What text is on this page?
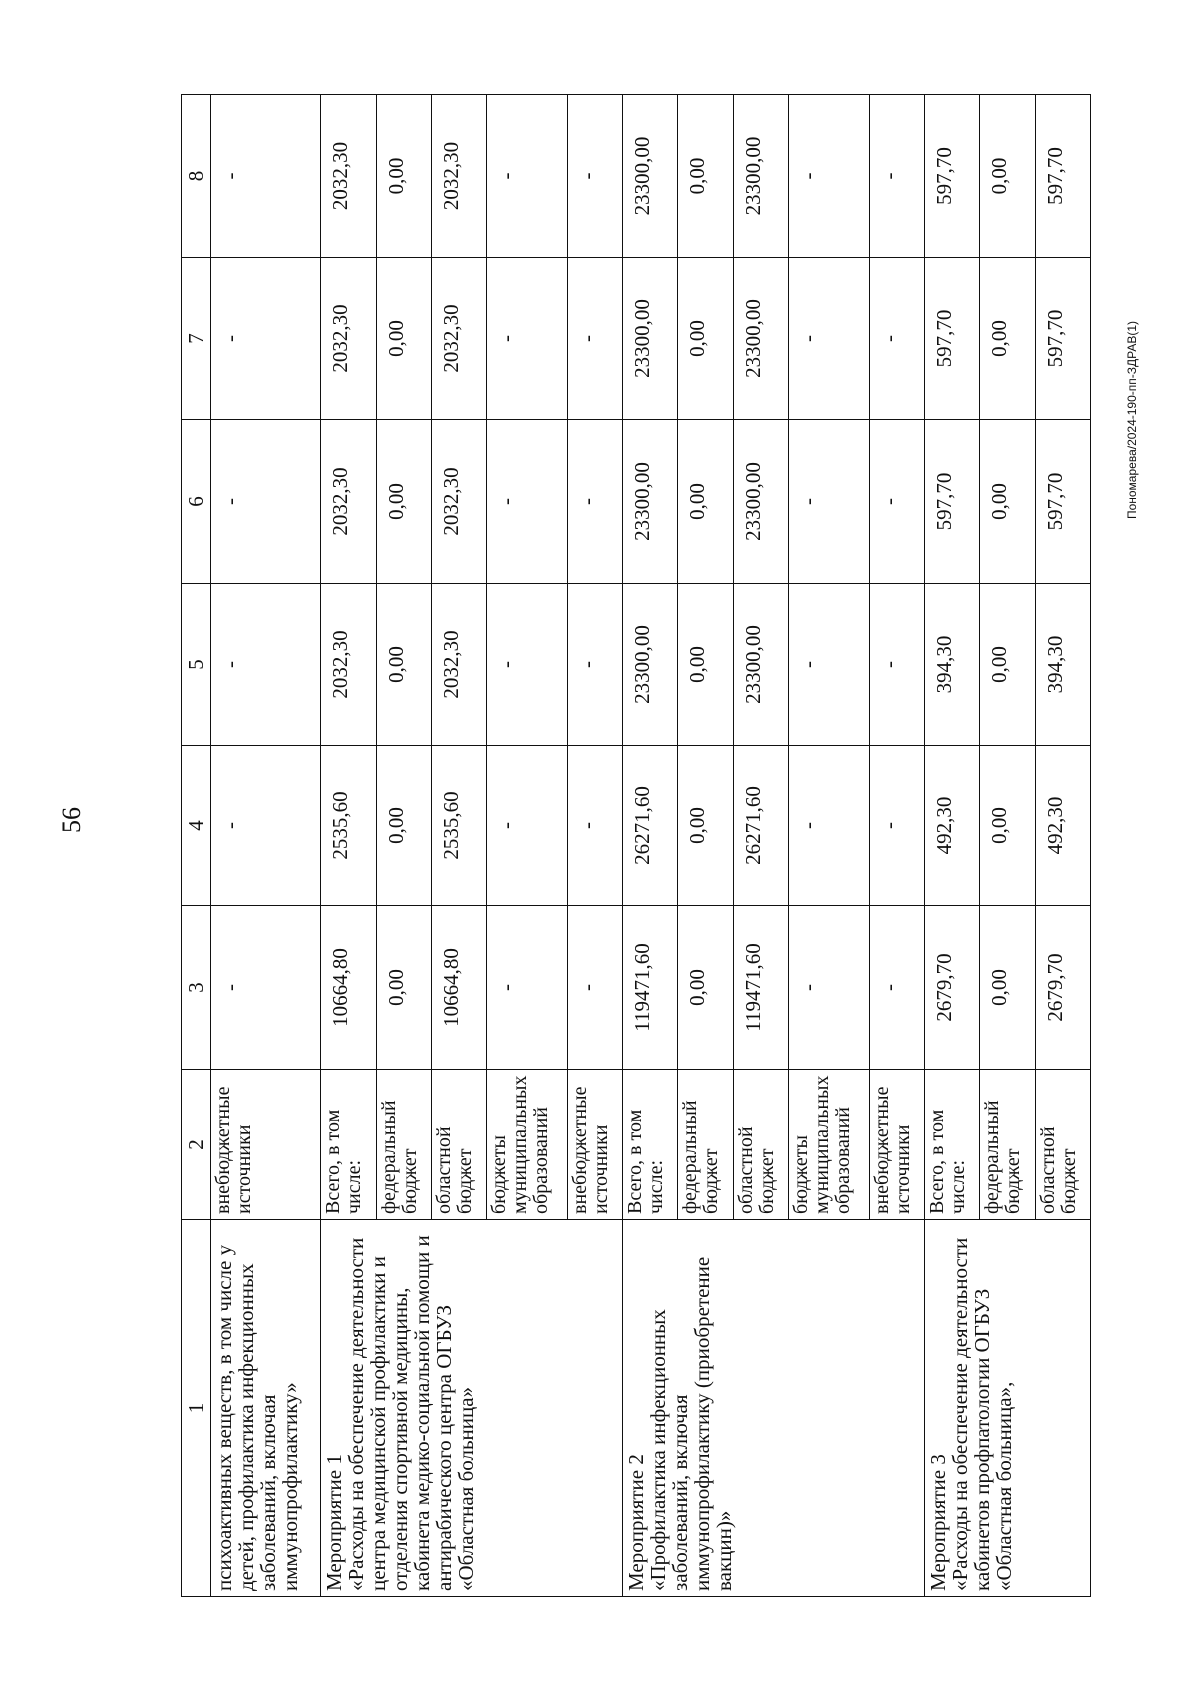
56
Пономарева/2024-190-пп-ЗДРАВ(1)
1	2	3	4	5	6	7	8
психоактивных веществ, в том числе у детей, профилактика инфекционных заболеваний, включая иммунопрофилактику»	внебюджетные источники	-	-	-	-	-	-
Мероприятие 1
«Расходы на обеспечение деятельности центра медицинской профилактики и отделения спортивной медицины, кабинета медико-социальной помощи и антирабического центра ОГБУЗ «Областная больница»	Всего, в том числе:	10664,80	2535,60	2032,30	2032,30	2032,30	2032,30
	федеральный бюджет	0,00	0,00	0,00	0,00	0,00	0,00
	областной бюджет	10664,80	2535,60	2032,30	2032,30	2032,30	2032,30
	бюджеты муниципальных образований	-	-	-	-	-	-
	внебюджетные источники	-	-	-	-	-	-
Мероприятие 2
«Профилактика инфекционных заболеваний, включая иммунопрофилактику (приобретение вакцин)»	Всего, в том числе:	119471,60	26271,60	23300,00	23300,00	23300,00	23300,00
	федеральный бюджет	0,00	0,00	0,00	0,00	0,00	0,00
	областной бюджет	119471,60	26271,60	23300,00	23300,00	23300,00	23300,00
	бюджеты муниципальных образований	-	-	-	-	-	-
	внебюджетные источники	-	-	-	-	-	-
Мероприятие 3
«Расходы на обеспечение деятельности кабинетов профпатологии ОГБУЗ «Областная больница»,	Всего, в том числе:	2679,70	492,30	394,30	597,70	597,70	597,70
	федеральный бюджет	0,00	0,00	0,00	0,00	0,00	0,00
	областной бюджет	2679,70	492,30	394,30	597,70	597,70	597,70
